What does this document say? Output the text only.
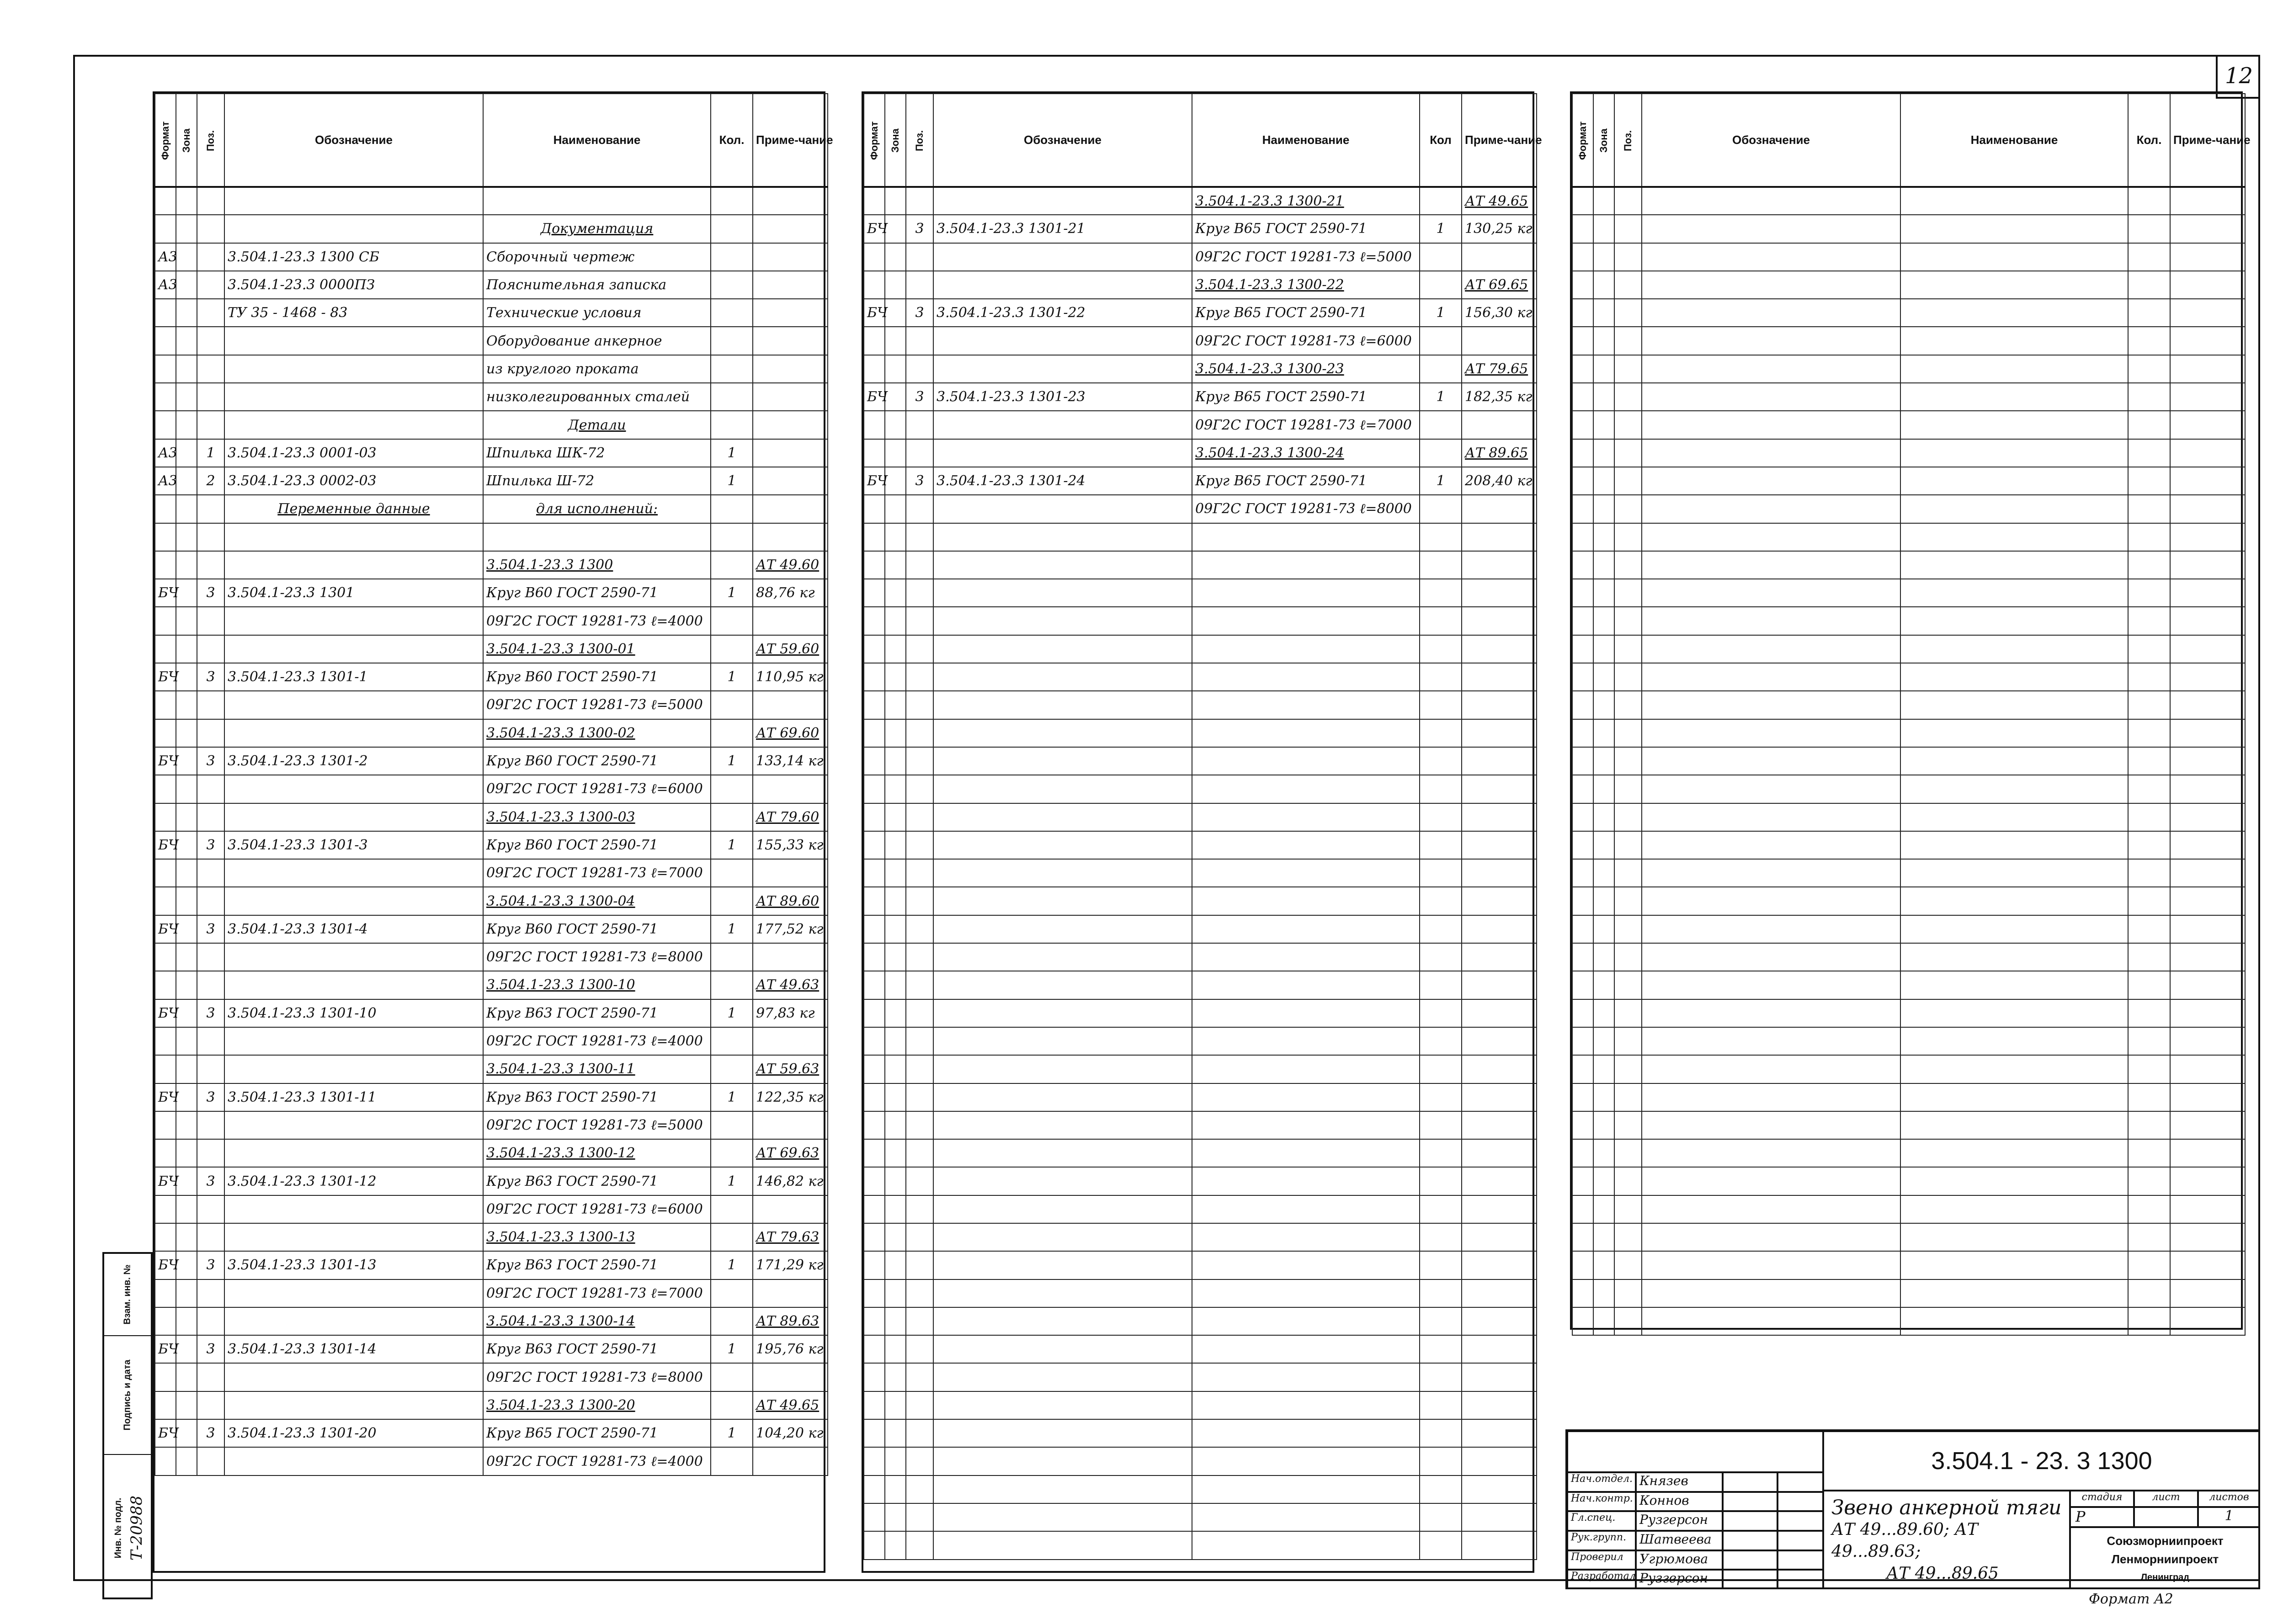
12
Формат	Зона	Поз.	Обозначение	Наименование	Кол.	Приме-чание

				Документация		
А3			3.504.1-23.3 1300 СБ	Сборочный чертеж		
А3			3.504.1-23.3 0000ПЗ	Пояснительная записка		
			ТУ 35 - 1468 - 83	Технические условия		
				Оборудование анкерное		
				из круглого проката		
				низколегированных сталей		
				Детали		
А3		1	3.504.1-23.3 0001-03	Шпилька ШК-72	1	
А3		2	3.504.1-23.3 0002-03	Шпилька Ш-72	1	
			Переменные данные	для исполнений:		

				3.504.1-23.3 1300		АТ 49.60
БЧ		3	3.504.1-23.3 1301	Круг В60 ГОСТ 2590-71	1	88,76 кг
				09Г2С ГОСТ 19281-73 ℓ=4000		
				3.504.1-23.3 1300-01		АТ 59.60
БЧ		3	3.504.1-23.3 1301-1	Круг В60 ГОСТ 2590-71	1	110,95 кг
				09Г2С ГОСТ 19281-73 ℓ=5000		
				3.504.1-23.3 1300-02		АТ 69.60
БЧ		3	3.504.1-23.3 1301-2	Круг В60 ГОСТ 2590-71	1	133,14 кг
				09Г2С ГОСТ 19281-73 ℓ=6000		
				3.504.1-23.3 1300-03		АТ 79.60
БЧ		3	3.504.1-23.3 1301-3	Круг В60 ГОСТ 2590-71	1	155,33 кг
				09Г2С ГОСТ 19281-73 ℓ=7000		
				3.504.1-23.3 1300-04		АТ 89.60
БЧ		3	3.504.1-23.3 1301-4	Круг В60 ГОСТ 2590-71	1	177,52 кг
				09Г2С ГОСТ 19281-73 ℓ=8000		
				3.504.1-23.3 1300-10		АТ 49.63
БЧ		3	3.504.1-23.3 1301-10	Круг В63 ГОСТ 2590-71	1	97,83 кг
				09Г2С ГОСТ 19281-73 ℓ=4000		
				3.504.1-23.3 1300-11		АТ 59.63
БЧ		3	3.504.1-23.3 1301-11	Круг В63 ГОСТ 2590-71	1	122,35 кг
				09Г2С ГОСТ 19281-73 ℓ=5000		
				3.504.1-23.3 1300-12		АТ 69.63
БЧ		3	3.504.1-23.3 1301-12	Круг В63 ГОСТ 2590-71	1	146,82 кг
				09Г2С ГОСТ 19281-73 ℓ=6000		
				3.504.1-23.3 1300-13		АТ 79.63
БЧ		3	3.504.1-23.3 1301-13	Круг В63 ГОСТ 2590-71	1	171,29 кг
				09Г2С ГОСТ 19281-73 ℓ=7000		
				3.504.1-23.3 1300-14		АТ 89.63
БЧ		3	3.504.1-23.3 1301-14	Круг В63 ГОСТ 2590-71	1	195,76 кг
				09Г2С ГОСТ 19281-73 ℓ=8000		
				3.504.1-23.3 1300-20		АТ 49.65
БЧ		3	3.504.1-23.3 1301-20	Круг В65 ГОСТ 2590-71	1	104,20 кг
				09Г2С ГОСТ 19281-73 ℓ=4000		
Формат	Зона	Поз.	Обозначение	Наименование	Кол	Приме-чание
				3.504.1-23.3 1300-21		АТ 49.65
БЧ		3	3.504.1-23.3 1301-21	Круг В65 ГОСТ 2590-71	1	130,25 кг
				09Г2С ГОСТ 19281-73 ℓ=5000		
				3.504.1-23.3 1300-22		АТ 69.65
БЧ		3	3.504.1-23.3 1301-22	Круг В65 ГОСТ 2590-71	1	156,30 кг
				09Г2С ГОСТ 19281-73 ℓ=6000		
				3.504.1-23.3 1300-23		АТ 79.65
БЧ		3	3.504.1-23.3 1301-23	Круг В65 ГОСТ 2590-71	1	182,35 кг
				09Г2С ГОСТ 19281-73 ℓ=7000		
				3.504.1-23.3 1300-24		АТ 89.65
БЧ		3	3.504.1-23.3 1301-24	Круг В65 ГОСТ 2590-71	1	208,40 кг
				09Г2С ГОСТ 19281-73 ℓ=8000		

Формат	Зона	Поз.	Обозначение	Наименование	Кол.	Приме-чание

Взам. инв. №
Подпись и дата
Инв. № подл. Т-20988
3.504.1 - 23. 3 1300
Нач.отдел. Князев
Нач.контр. Коннов
Гл.спец.	Рузгерсон
Рук.групп.	Шатвеева
Проверил	Угрюмова
Разработал Рузгерсон
Звено анкерной тяги
АТ 49...89.60; АТ 49...89.63;
АТ 49...89.65
стадия	лист	листов
Р	1
Союзморниипроект
Ленморниипроект
Ленинград
Формат А2
